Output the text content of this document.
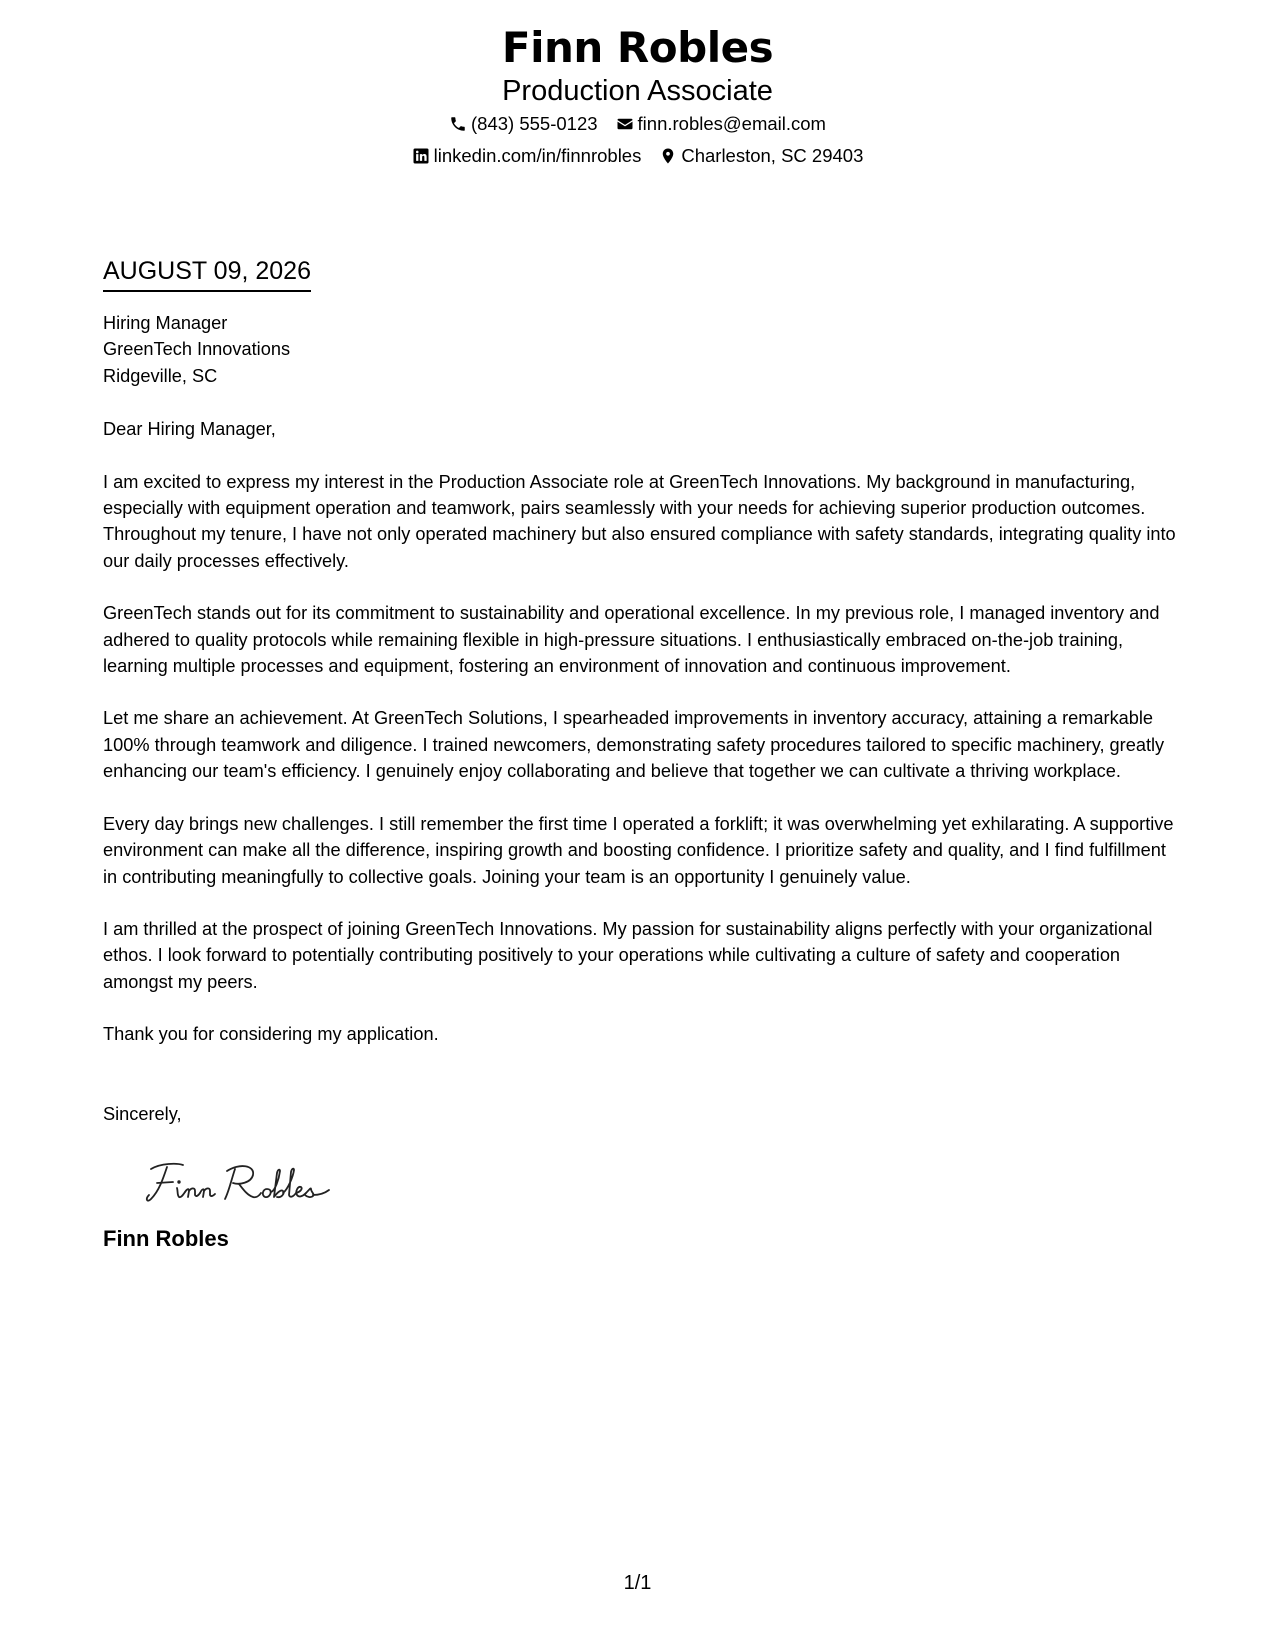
Finn Robles
Production Associate
(843) 555-0123 finn.robles@email.com
linkedin.com/in/finnrobles Charleston, SC 29403
AUGUST 09, 2026
Hiring Manager
GreenTech Innovations
Ridgeville, SC
Dear Hiring Manager,
I am excited to express my interest in the Production Associate role at GreenTech Innovations. My background in manufacturing, especially with equipment operation and teamwork, pairs seamlessly with your needs for achieving superior production outcomes. Throughout my tenure, I have not only operated machinery but also ensured compliance with safety standards, integrating quality into our daily processes effectively.
GreenTech stands out for its commitment to sustainability and operational excellence. In my previous role, I managed inventory and adhered to quality protocols while remaining flexible in high-pressure situations. I enthusiastically embraced on-the-job training, learning multiple processes and equipment, fostering an environment of innovation and continuous improvement.
Let me share an achievement. At GreenTech Solutions, I spearheaded improvements in inventory accuracy, attaining a remarkable 100% through teamwork and diligence. I trained newcomers, demonstrating safety procedures tailored to specific machinery, greatly enhancing our team's efficiency. I genuinely enjoy collaborating and believe that together we can cultivate a thriving workplace.
Every day brings new challenges. I still remember the first time I operated a forklift; it was overwhelming yet exhilarating. A supportive environment can make all the difference, inspiring growth and boosting confidence. I prioritize safety and quality, and I find fulfillment in contributing meaningfully to collective goals. Joining your team is an opportunity I genuinely value.
I am thrilled at the prospect of joining GreenTech Innovations. My passion for sustainability aligns perfectly with your organizational ethos. I look forward to potentially contributing positively to your operations while cultivating a culture of safety and cooperation amongst my peers.
Thank you for considering my application.
Sincerely,
Finn Robles
1/1
